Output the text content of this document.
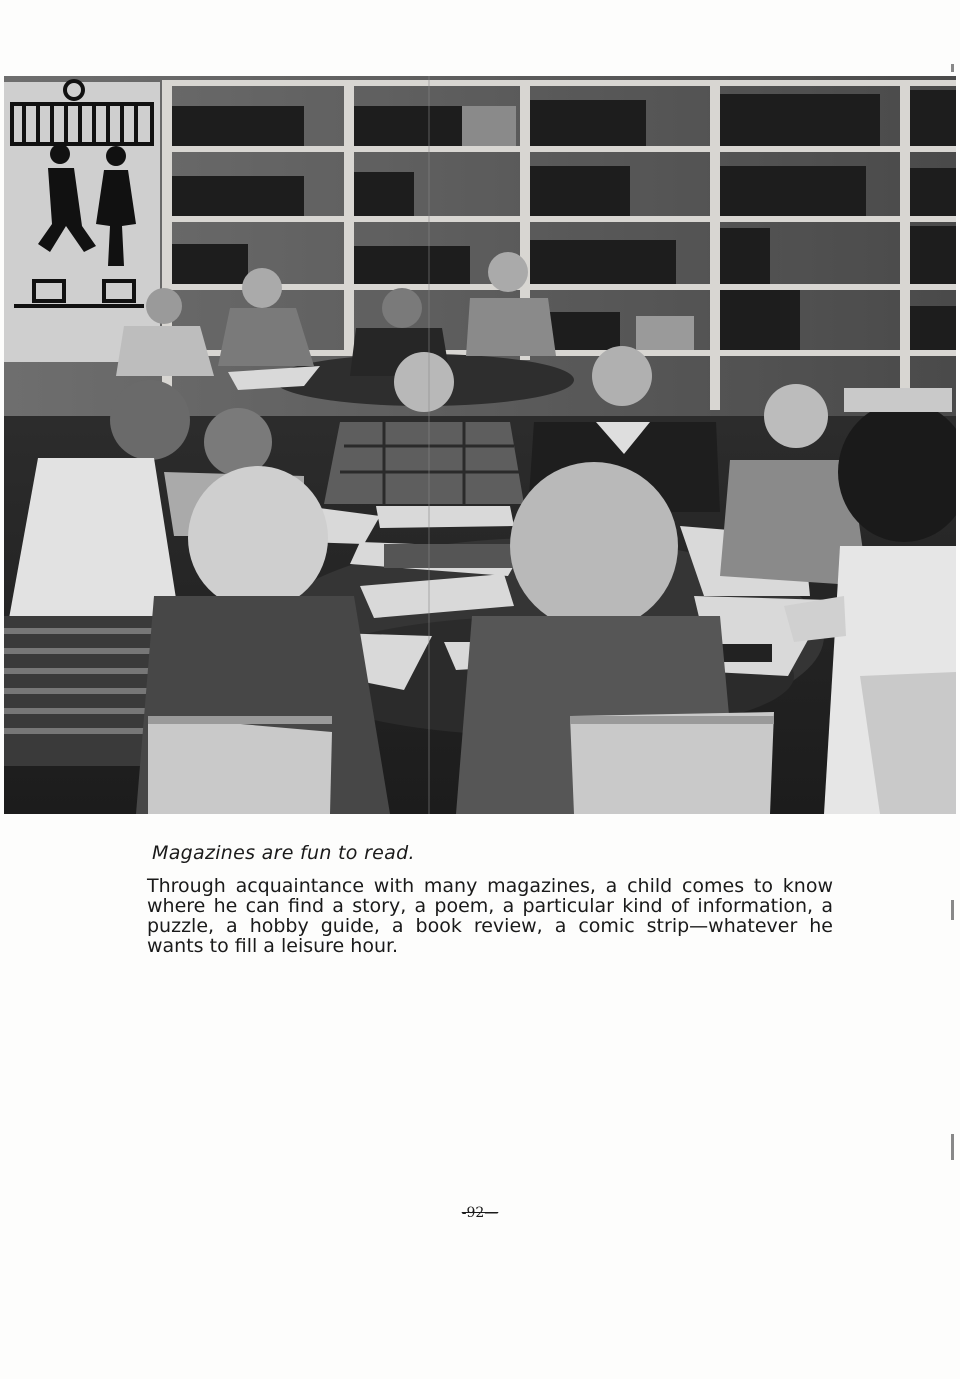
Magazines are fun to read.

Through acquaintance with many magazines, a child comes to know where he can find a story, a poem, a particular kind of information, a puzzle, a hobby guide, a book review, a comic strip—whatever he wants to fill a leisure hour.

-92—
